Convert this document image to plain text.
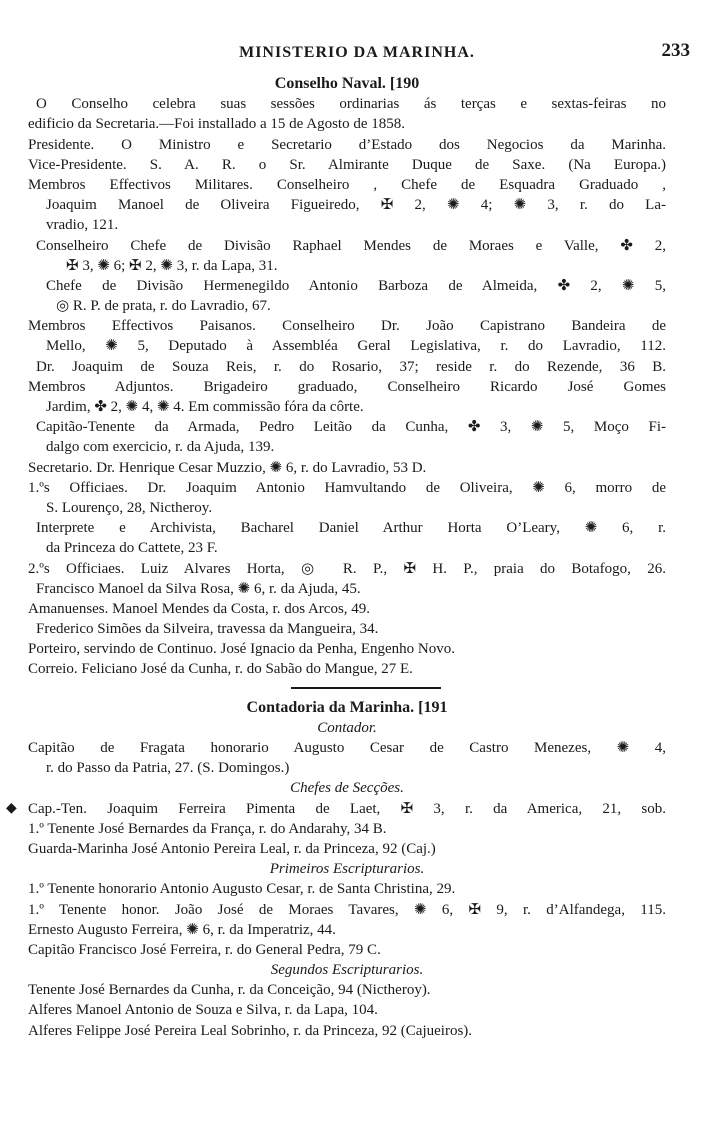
MINISTERIO DA MARINHA.	233
Conselho Naval. [190
O Conselho celebra suas sessões ordinarias ás terças e sextas-feiras no
edificio da Secretaria.—Foi installado a 15 de Agosto de 1858.
Presidente. O Ministro e Secretario d’Estado dos Negocios da Marinha.
Vice-Presidente. S. A. R. o Sr. Almirante Duque de Saxe. (Na Europa.)
Membros Effectivos Militares. Conselheiro , Chefe de Esquadra Graduado ,
Joaquim Manoel de Oliveira Figueiredo, ✠ 2, ✺ 4; ✺ 3, r. do La-
vradio, 121.
Conselheiro Chefe de Divisão Raphael Mendes de Moraes e Valle, ✤ 2,
✠ 3, ✺ 6; ✠ 2, ✺ 3, r. da Lapa, 31.
Chefe de Divisão Hermenegildo Antonio Barboza de Almeida, ✤ 2, ✺ 5,
◎ R. P. de prata, r. do Lavradio, 67.
Membros Effectivos Paisanos. Conselheiro Dr. João Capistrano Bandeira de
Mello, ✺ 5, Deputado à Assembléa Geral Legislativa, r. do Lavradio, 112.
Dr. Joaquim de Souza Reis, r. do Rosario, 37; reside r. do Rezende, 36 B.
Membros Adjuntos. Brigadeiro graduado, Conselheiro Ricardo José Gomes
Jardim, ✤ 2, ✺ 4, ✺ 4. Em commissão fóra da côrte.
Capitão-Tenente da Armada, Pedro Leitão da Cunha, ✤ 3, ✺ 5, Moço Fi-
dalgo com exercicio, r. da Ajuda, 139.
Secretario. Dr. Henrique Cesar Muzzio, ✺ 6, r. do Lavradio, 53 D.
1.ºs Officiaes. Dr. Joaquim Antonio Hamvultando de Oliveira, ✺ 6, morro de
S. Lourenço, 28, Nictheroy.
Interprete e Archivista, Bacharel Daniel Arthur Horta O’Leary, ✺ 6, r.
da Princeza do Cattete, 23 F.
2.ºs Officiaes. Luiz Alvares Horta, ◎ R. P., ✠ H. P., praia do Botafogo, 26.
Francisco Manoel da Silva Rosa, ✺ 6, r. da Ajuda, 45.
Amanuenses. Manoel Mendes da Costa, r. dos Arcos, 49.
Frederico Simões da Silveira, travessa da Mangueira, 34.
Porteiro, servindo de Continuo. José Ignacio da Penha, Engenho Novo.
Correio. Feliciano José da Cunha, r. do Sabão do Mangue, 27 E.
Contadoria da Marinha. [191
Contador.
Capitão de Fragata honorario Augusto Cesar de Castro Menezes, ✺ 4,
r. do Passo da Patria, 27. (S. Domingos.)
Chefes de Secções.
◆ Cap.-Ten. Joaquim Ferreira Pimenta de Laet, ✠ 3, r. da America, 21, sob.
1.º Tenente José Bernardes da França, r. do Andarahy, 34 B.
Guarda-Marinha José Antonio Pereira Leal, r. da Princeza, 92 (Caj.)
Primeiros Escripturarios.
1.º Tenente honorario Antonio Augusto Cesar, r. de Santa Christina, 29.
1.º Tenente honor. João José de Moraes Tavares, ✺ 6, ✠ 9, r. d’Alfandega, 115.
Ernesto Augusto Ferreira, ✺ 6, r. da Imperatriz, 44.
Capitão Francisco José Ferreira, r. do General Pedra, 79 C.
Segundos Escripturarios.
Tenente José Bernardes da Cunha, r. da Conceição, 94 (Nictheroy).
Alferes Manoel Antonio de Souza e Silva, r. da Lapa, 104.
Alferes Felippe José Pereira Leal Sobrinho, r. da Princeza, 92 (Cajueiros).
